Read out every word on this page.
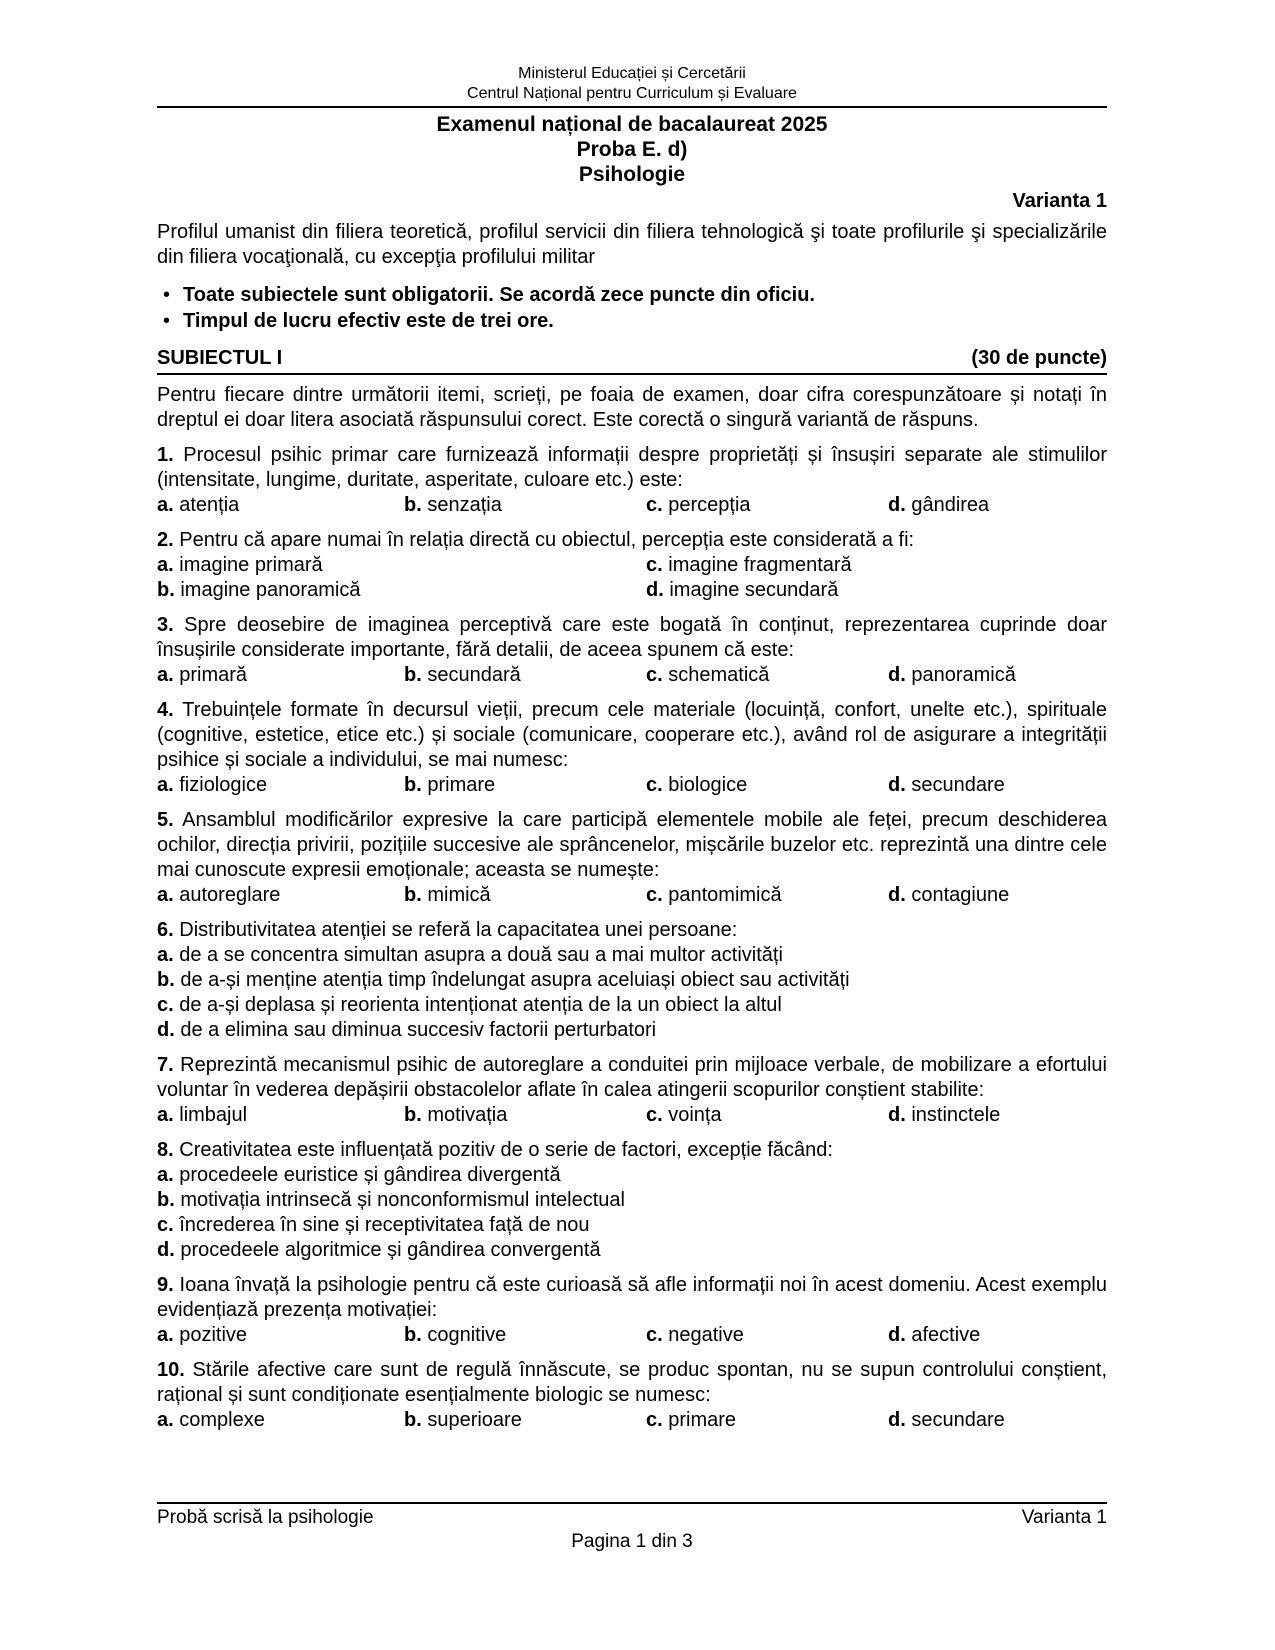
Ministerul Educației și Cercetării
Centrul Național pentru Curriculum și Evaluare
Examenul național de bacalaureat 2025
Proba E. d)
Psihologie
Varianta 1

Profilul umanist din filiera teoretică, profilul servicii din filiera tehnologică şi toate profilurile şi specializările din filiera vocaţională, cu excepţia profilului militar

• Toate subiectele sunt obligatorii. Se acordă zece puncte din oficiu.
• Timpul de lucru efectiv este de trei ore.
SUBIECTUL I	(30 de puncte)

Pentru fiecare dintre următorii itemi, scrieți, pe foaia de examen, doar cifra corespunzătoare și notați în dreptul ei doar litera asociată răspunsului corect. Este corectă o singură variantă de răspuns.

1. Procesul psihic primar care furnizează informații despre proprietăți și însușiri separate ale stimulilor (intensitate, lungime, duritate, asperitate, culoare etc.) este:

a. atenția	b. senzația	c. percepția	d. gândirea

2. Pentru că apare numai în relația directă cu obiectul, percepția este considerată a fi:

a. imagine primară
b. imagine panoramică
c. imagine fragmentară
d. imagine secundară

3. Spre deosebire de imaginea perceptivă care este bogată în conținut, reprezentarea cuprinde doar însușirile considerate importante, fără detalii, de aceea spunem că este:

a. primară	b. secundară	c. schematică	d. panoramică

4. Trebuințele formate în decursul vieții, precum cele materiale (locuință, confort, unelte etc.), spirituale (cognitive, estetice, etice etc.) și sociale (comunicare, cooperare etc.), având rol de asigurare a integrității psihice și sociale a individului, se mai numesc:

a. fiziologice	b. primare	c. biologice	d. secundare

5. Ansamblul modificărilor expresive la care participă elementele mobile ale feței, precum deschiderea ochilor, direcția privirii, pozițiile succesive ale sprâncenelor, mișcările buzelor etc. reprezintă una dintre cele mai cunoscute expresii emoționale; aceasta se numește:

a. autoreglare	b. mimică	c. pantomimică	d. contagiune

6. Distributivitatea atenției se referă la capacitatea unei persoane:

a. de a se concentra simultan asupra a două sau a mai multor activități
b. de a-și menține atenția timp îndelungat asupra aceluiași obiect sau activități
c. de a-și deplasa și reorienta intenționat atenția de la un obiect la altul
d. de a elimina sau diminua succesiv factorii perturbatori

7. Reprezintă mecanismul psihic de autoreglare a conduitei prin mijloace verbale, de mobilizare a efortului voluntar în vederea depășirii obstacolelor aflate în calea atingerii scopurilor conștient stabilite:

a. limbajul	b. motivația	c. voința	d. instinctele

8. Creativitatea este influențată pozitiv de o serie de factori, excepție făcând:

a. procedeele euristice și gândirea divergentă
b. motivația intrinsecă și nonconformismul intelectual
c. încrederea în sine și receptivitatea față de nou
d. procedeele algoritmice și gândirea convergentă

9. Ioana învață la psihologie pentru că este curioasă să afle informații noi în acest domeniu. Acest exemplu evidențiază prezența motivației:

a. pozitive	b. cognitive	c. negative	d. afective

10. Stările afective care sunt de regulă înnăscute, se produc spontan, nu se supun controlului conștient, rațional și sunt condiționate esențialmente biologic se numesc:

a. complexe	b. superioare	c. primare	d. secundare
Probă scrisă la psihologie	Varianta 1
Pagina 1 din 3
